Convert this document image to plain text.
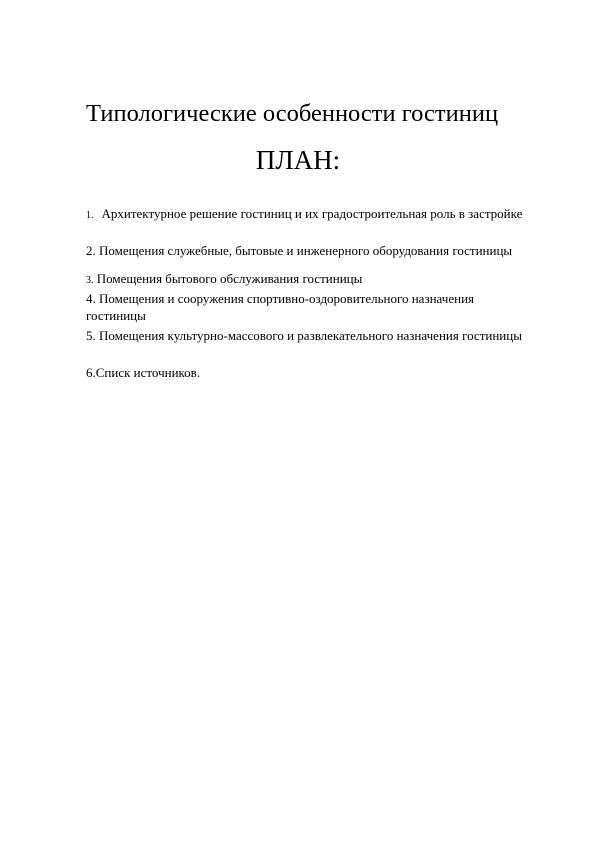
Типологические особенности гостиниц
ПЛАН:

1. Архитектурное решение гостиниц и их градостроительная роль в застройке

2. Помещения служебные, бытовые и инженерного оборудования гостиницы

3. Помещения бытового обслуживания гостиницы

4. Помещения и сооружения спортивно-оздоровительного назначения гостиницы

5. Помещения культурно-массового и развлекательного назначения гостиницы

6.Списк источников.
